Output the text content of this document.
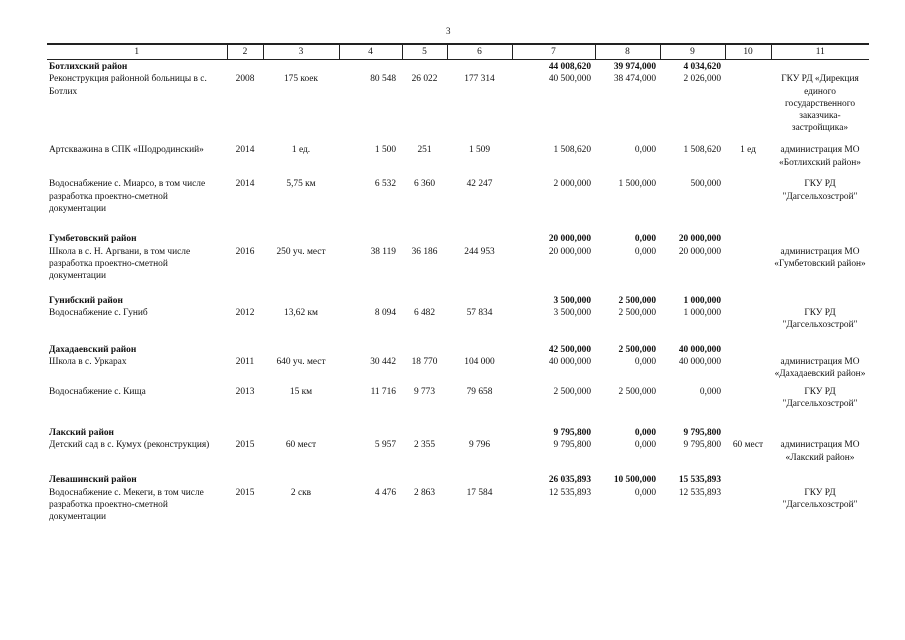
3
1	2	3	4	5	6	7	8	9	10	11
Ботлихский район						44 008,620	39 974,000	4 034,620		
Реконструкция районной больницы в с. Ботлих	2008	175 коек	80 548	26 022	177 314	40 500,000	38 474,000	2 026,000		ГКУ РД «Дирекция единого государственного заказчика-застройщика»
Артскважина в СПК «Шодродинский»	2014	1 ед.	1 500	251	1 509	1 508,620	0,000	1 508,620	1 ед	администрация МО «Ботлихский район»
Водоснабжение с. Миарсо, в том числе разработка проектно-сметной документации	2014	5,75 км	6 532	6 360	42 247	2 000,000	1 500,000	500,000		ГКУ РД "Дагсельхозстрой"
Гумбетовский район						20 000,000	0,000	20 000,000		
Школа в с. Н. Аргвани, в том числе разработка проектно-сметной документации	2016	250 уч. мест	38 119	36 186	244 953	20 000,000	0,000	20 000,000		администрация МО «Гумбетовский район»
Гунибский район						3 500,000	2 500,000	1 000,000		
Водоснабжение с. Гуниб	2012	13,62 км	8 094	6 482	57 834	3 500,000	2 500,000	1 000,000		ГКУ РД "Дагсельхозстрой"
Дахадаевский район						42 500,000	2 500,000	40 000,000		
Школа в с. Уркарах	2011	640 уч. мест	30 442	18 770	104 000	40 000,000	0,000	40 000,000		администрация МО «Дахадаевский район»
Водоснабжение с. Кища	2013	15 км	11 716	9 773	79 658	2 500,000	2 500,000	0,000		ГКУ РД "Дагсельхозстрой"
Лакский район						9 795,800	0,000	9 795,800		
Детский сад в с. Кумух (реконструкция)	2015	60 мест	5 957	2 355	9 796	9 795,800	0,000	9 795,800	60 мест	администрация МО «Лакский район»
Левашинский район						26 035,893	10 500,000	15 535,893		
Водоснабжение с. Мекеги, в том числе разработка проектно-сметной документации	2015	2 скв	4 476	2 863	17 584	12 535,893	0,000	12 535,893		ГКУ РД "Дагсельхозстрой"
